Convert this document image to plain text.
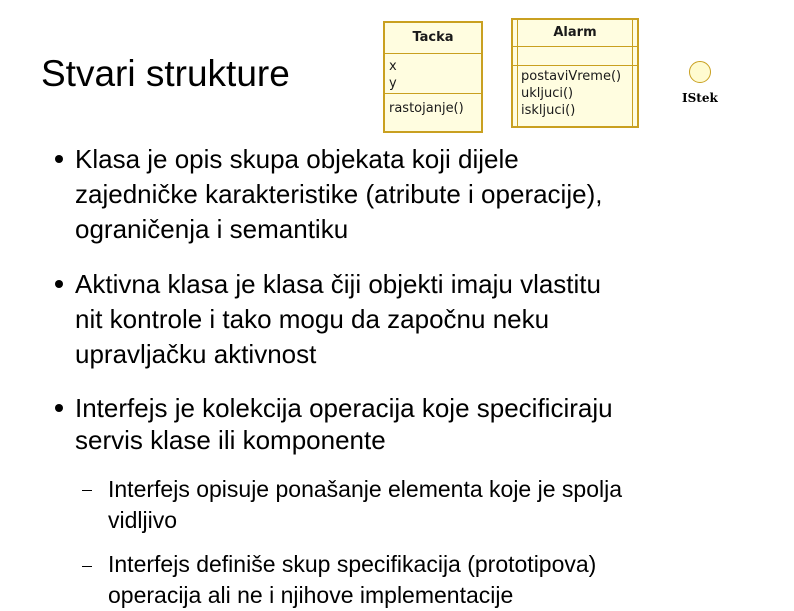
Stvari strukture
Tacka
x
y
rastojanje()
Alarm
postaviVreme()
ukljuci()
iskljuci()
IStek
Klasa je opis skupa objekata koji dijele
zajedničke karakteristike (atribute i operacije),
ograničenja i semantiku
Aktivna klasa je klasa čiji objekti imaju vlastitu
nit kontrole i tako mogu da započnu neku
upravljačku aktivnost
Interfejs je kolekcija operacija koje specificiraju
servis klase ili komponente
Interfejs opisuje ponašanje elementa koje je spolja
vidljivo
Interfejs definiše skup specifikacija (prototipova)
operacija ali ne i njihove implementacije
